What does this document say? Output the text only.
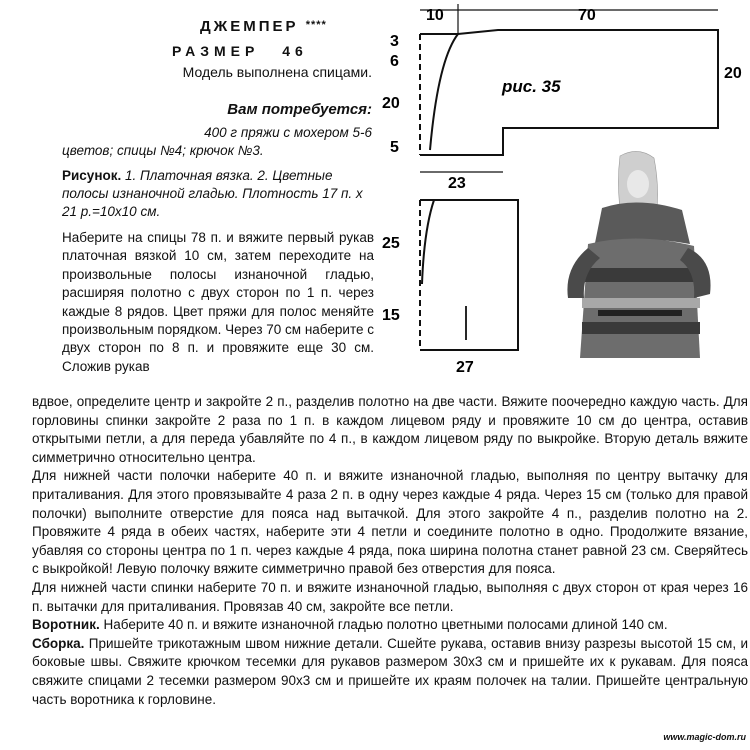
ДЖЕМПЕР ****
РАЗМЕР 46
Модель выполнена спицами.
Вам потребуется:
400 г пряжи с мохером 5-6
цветов; спицы №4; крючок №3.
Рисунок. 1. Платочная вязка. 2. Цветные полосы изнаночной гладью. Плотность 17 п. х 21 р.=10х10 см.
Наберите на спицы 78 п. и вяжите первый рукав платочная вязкой 10 см, затем переходите на произвольные полосы изнаночной гладью, расширяя полотно с двух сторон по 1 п. через каждые 8 рядов. Цвет пряжи для полос меняйте произвольным порядком. Через 70 см наберите с двух сторон по 8 п. и провяжите еще 30 см. Сложив рукав
10	70
3
6
20
5
20
23
рис. 35
25
15
27

вдвое, определите центр и закройте 2 п., разделив полотно на две части. Вяжите поочередно каждую часть. Для горловины спинки закройте 2 раза по 1 п. в каждом лицевом ряду и провяжите 10 см до центра, оставив открытыми петли, а для переда убавляйте по 4 п., в каждом лицевом ряду по выкройке. Вторую деталь вяжите симметрично относительно центра.

Для нижней части полочки наберите 40 п. и вяжите изнаночной гладью, выполняя по центру вытачку для приталивания. Для этого провязывайте 4 раза 2 п. в одну через каждые 4 ряда. Через 15 см (только для правой полочки) выполните отверстие для пояса над вытачкой. Для этого закройте 4 п., разделив полотно на 2. Провяжите 4 ряда в обеих частях, наберите эти 4 петли и соедините полотно в одно. Продолжите вязание, убавляя со стороны центра по 1 п. через каждые 4 ряда, пока ширина полотна станет равной 23 см. Сверяйтесь с выкройкой! Левую полочку вяжите симметрично правой без отверстия для пояса.

Для нижней части спинки наберите 70 п. и вяжите изнаночной гладью, выполняя с двух сторон от края через 16 п. вытачки для приталивания. Провязав 40 см, закройте все петли.

Воротник. Наберите 40 п. и вяжите изнаночной гладью полотно цветными полосами длиной 140 см.

Сборка. Пришейте трикотажным швом нижние детали. Сшейте рукава, оставив внизу разрезы высотой 15 см, и боковые швы. Свяжите крючком тесемки для рукавов размером 30х3 см и пришейте их к рукавам. Для пояса свяжите спицами 2 тесемки размером 90х3 см и пришейте их краям полочек на талии. Пришейте центральную часть воротника к горловине.

www.magic-dom.ru
